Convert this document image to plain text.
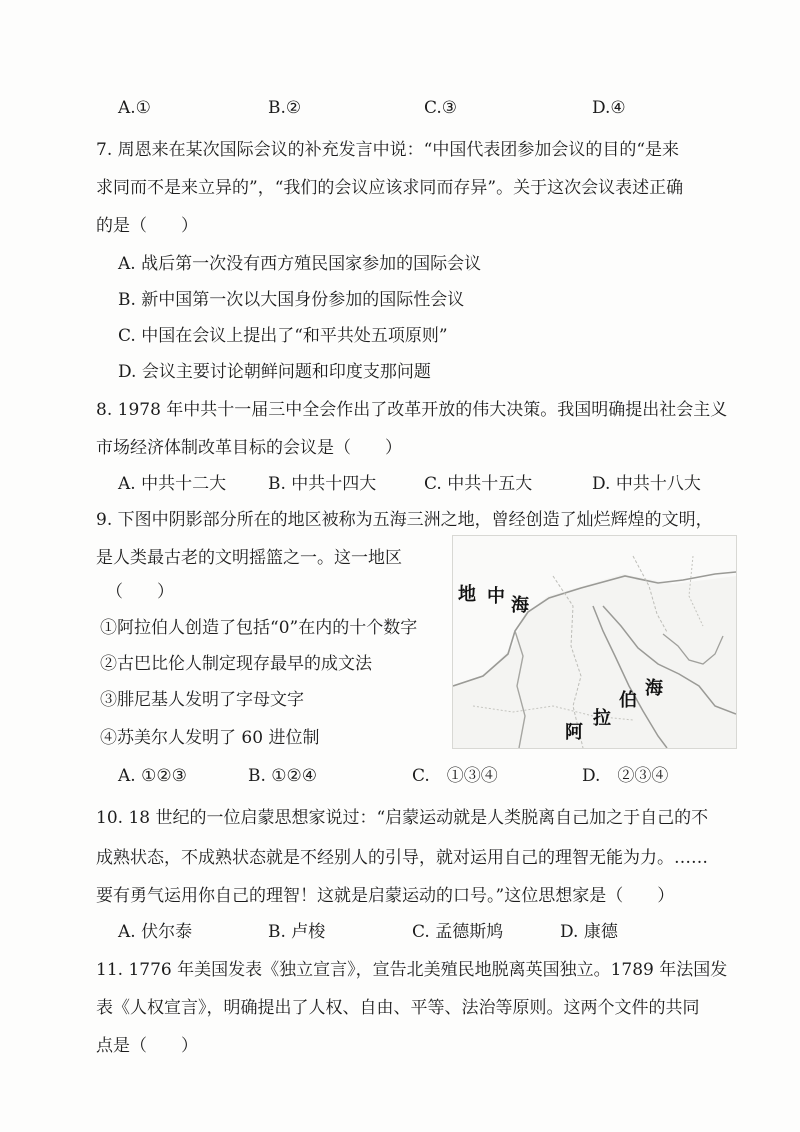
A.①	B.②	C.③	D.④
7. 周恩来在某次国际会议的补充发言中说：“中国代表团参加会议的目的“是来
求同而不是来立异的”，“我们的会议应该求同而存异”。关于这次会议表述正确
的是（　　）
A. 战后第一次没有西方殖民国家参加的国际会议
B. 新中国第一次以大国身份参加的国际性会议
C. 中国在会议上提出了“和平共处五项原则”
D. 会议主要讨论朝鲜问题和印度支那问题
8. 1978 年中共十一届三中全会作出了改革开放的伟大决策。我国明确提出社会主义
市场经济体制改革目标的会议是（　　）
A. 中共十二大 B. 中共十四大	C. 中共十五大	D. 中共十八大
9. 下图中阴影部分所在的地区被称为五海三洲之地，曾经创造了灿烂辉煌的文明，
是人类最古老的文明摇篮之一。这一地区
（　　）
①阿拉伯人创造了包括“0”在内的十个数字
②古巴比伦人制定现存最早的成文法
③腓尼基人发明了字母文字
④苏美尔人发明了 60 进位制
地 中 海
海
伯
拉
阿
A. ①②③	B. ①②④	C.　①③④	D.　②③④
10. 18 世纪的一位启蒙思想家说过：“启蒙运动就是人类脱离自己加之于自己的不
成熟状态，不成熟状态就是不经别人的引导，就对运用自己的理智无能为力。……
要有勇气运用你自己的理智！这就是启蒙运动的口号。”这位思想家是（　　）
A. 伏尔泰	B. 卢梭	C. 孟德斯鸠	D. 康德
11. 1776 年美国发表《独立宣言》，宣告北美殖民地脱离英国独立。1789 年法国发
表《人权宣言》，明确提出了人权、自由、平等、法治等原则。这两个文件的共同
点是（　　）
